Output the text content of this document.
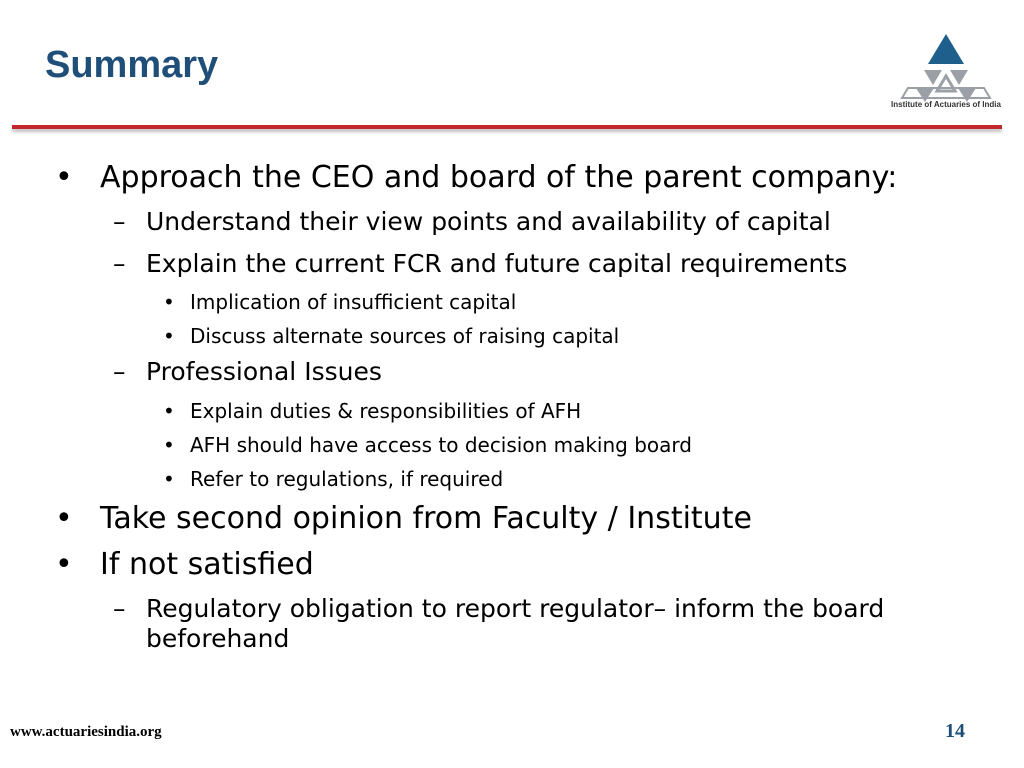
Summary
Institute of Actuaries of India
• Approach the CEO and board of the parent company:
– Understand their view points and availability of capital
– Explain the current FCR and future capital requirements
• Implication of insufficient capital
• Discuss alternate sources of raising capital
– Professional Issues
• Explain duties & responsibilities of AFH
• AFH should have access to decision making board
• Refer to regulations, if required
• Take second opinion from Faculty / Institute
• If not satisfied
– Regulatory obligation to report regulator– inform the board beforehand
www.actuariesindia.org	14
